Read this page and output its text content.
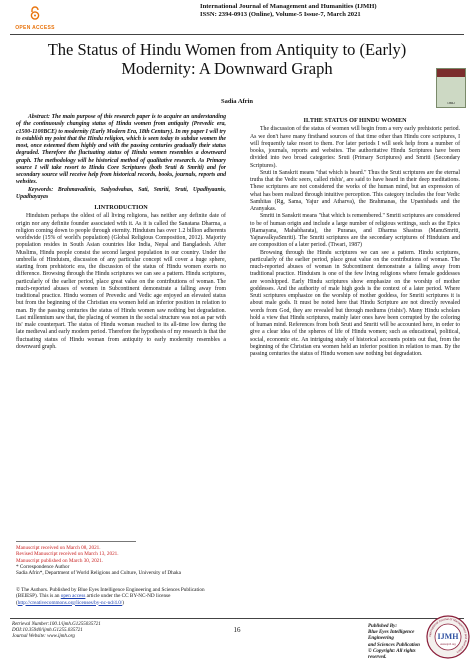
OPEN ACCESS
International Journal of Management and Humanities (IJMH)
ISSN: 2394-0913 (Online), Volume-5 Issue-7, March 2021
The Status of Hindu Women from Antiquity to (Early) Modernity: A Downward Graph
IJMH
Sadia Afrin

Abstract: The main purpose of this research paper is to acquire an understanding of the continuously changing status of Hindu women from antiquity (Prevedic era, c1500-1100BCE) to modernity (Early Modern Era, 18th Century). In my paper I will try to establish my point that the Hindu religion, which is seen today to subdue women the most, once esteemed them highly and with the passing centuries gradually their status degraded. Therefore the fluctuating status of Hindu women resembles a downward graph. The methodology will be historical method of qualitative research. As Primary source I will take resort to Hindu Core Scriptures (both Sruti & Smriti) and for secondary source will receive help from historical records, books, journals, reports and websites.

Keywords: Brahmavadinis, Sadyodvahas, Sati, Smriti, Sruti, Upadhyaanis, Upadhayayas

I.INTRODUCTION

Hinduism perhaps the oldest of all living religions, has neither any definite date of origin nor any definite founder associated with it. As it is called the Sanatana Dharma, a religion coming down to people through eternity. Hinduism has over 1.2 billion adherents worldwide (15% of world's population) (Global Religious Composition, 2012). Majority population resides in South Asian countries like India, Nepal and Bangladesh. After Muslims, Hindu people consist the second largest population in our country. Under the umbrella of Hinduism, discussion of any particular concept will cover a huge sphere, starting from prehistoric era, the discussion of the status of Hindu women exerts no difference. Browsing through the Hindu scriptures we can see a pattern. Hindu scriptures, particularly of the earlier period, place great value on the contributions of woman. The much-reported abuses of women in Subcontinent demonstrate a falling away from traditional practice. Hindu women of Prevedic and Vedic age enjoyed an elevated status but from the beginning of the Christian era women held an inferior position in relation to man. By the passing centuries the status of Hindu women saw nothing but degradation. Last millennium saw that, the placing of women in the social structure was not as par with its' male counterpart. The status of Hindu woman reached to its all-time low during the late medieval and early modern period. Therefore the hypothesis of my research is that the fluctuating status of Hindu woman from antiquity to early modernity resembles a downward graph.

Manuscript received on March 08, 2021.
Revised Manuscript received on March 13, 2021.
Manuscript published on March 30, 2021.
* Correspondence Author
Sadia Afrin*, Department of World Religions and Culture, University of Dhaka
© The Authors. Published by Blue Eyes Intelligence Engineering and Sciences Publication (BEIESP). This is an open access article under the CC BY-NC-ND license (http://creativecommons.org/licenses/by-nc-nd/4.0/)

II.THE STATUS OF HINDU WOMEN

The discussion of the status of women will begin from a very early prehistoric period. As we don't have many firsthand sources of that time other than Hindu core scriptures, I will frequently take resort to them. For later periods I will seek help from a number of books, journals, reports and websites. The authoritative Hindu Scriptures have been divided into two broad categories: Sruti (Primary Scriptures) and Smriti (Secondary Scriptures).

Sruti in Sanskrit means "that which is heard." Thus the Sruti scriptures are the eternal truths that the Vedic seers, called rishis', are said to have heard in their deep meditations. These scriptures are not considered the works of the human mind, but an expression of what has been realized through intuitive perception. This category includes the four Vedic Samhitas (Rg, Sama, Yajur and Atharva), the Brahmanas, the Upanishads and the Aranyakas.

Smriti in Sanskrit means "that which is remembered." Smriti scriptures are considered to be of human origin and include a large number of religious writings, such as the Epics (Ramayana, Mahabharata), the Puranas, and Dharma Shastras (ManuSmriti, YajnavalkyaSmriti). The Smriti scriptures are the secondary scriptures of Hinduism and are composition of a later period. (Tiwari, 1987)

Browsing through the Hindu scriptures we can see a pattern. Hindu scriptures, particularly of the earlier period, place great value on the contributions of woman. The much-reported abuses of woman in Subcontinent demonstrate a falling away from traditional practice. Hinduism is one of the few living religions where female goddesses are worshipped. Early Hindu scriptures show emphasize on the worship of mother goddesses. And the authority of male high gods is the context of a later period. Where Sruti scriptures emphasize on the worship of mother goddess, for Smriti scriptures it is about male gods. It must be noted here that Hindu Scripture are not directly revealed words from God, they are revealed but through mediums (rishis'). Many Hindu scholars hold a view that Hindu scriptures, mainly later ones have been corrupted by the coloring of human mind. References from both Sruti and Smriti will be accounted here, in order to give a clear idea of the spheres of life of Hindu women; such as educational, political, social, economic etc. An intriguing study of historical accounts points out that, from the beginning of the Christian era women held an inferior position in relation to man. By the passing centuries the status of Hindu women saw nothing but degradation.

Retrieval Number:100.1/ijmh.G1255035721
DOI:10.35940/ijmh.G1255.035721
Journal Website: www.ijmh.org
16	Published By:
Blue Eyes Intelligence Engineering
and Sciences Publication
© Copyright: All rights reserved.
International Journal of Management and Humanities
IJMH
www.ijmh.org
